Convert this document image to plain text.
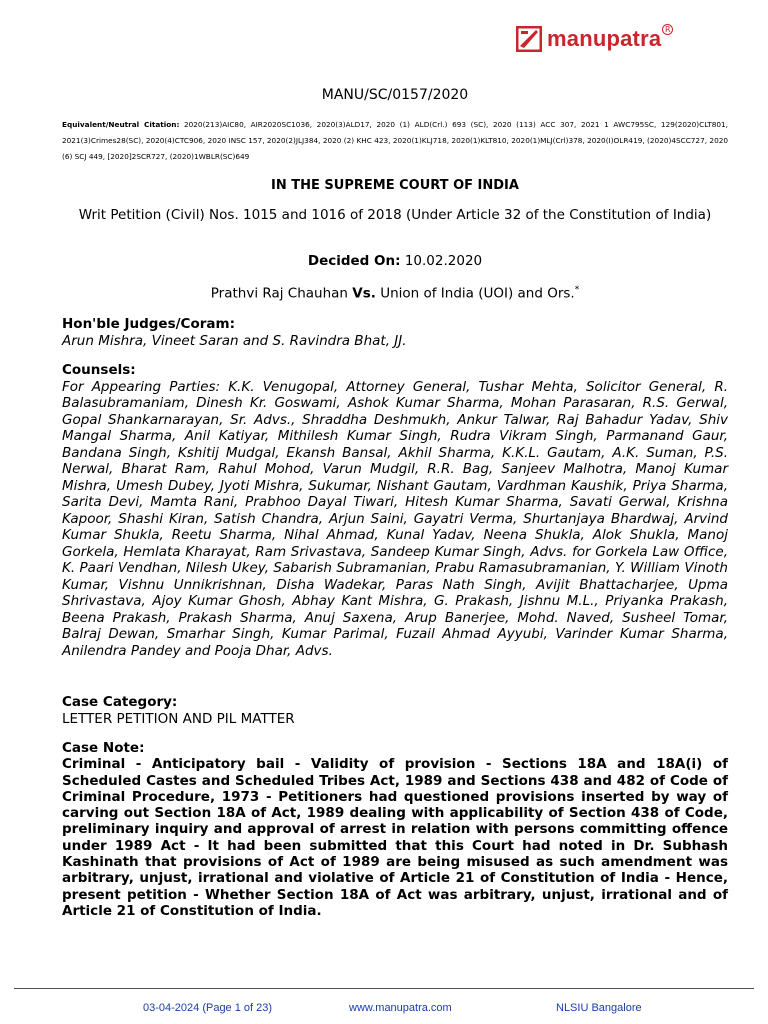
manupatra R
MANU/SC/0157/2020
Equivalent/Neutral Citation: 2020(213)AIC80, AIR2020SC1036, 2020(3)ALD17, 2020 (1) ALD(Crl.) 693 (SC), 2020 (113) ACC 307, 2021 1 AWC795SC, 129(2020)CLT801, 2021(3)Crimes28(SC), 2020(4)CTC906, 2020 INSC 157, 2020(2)JLJ384, 2020 (2) KHC 423, 2020(1)KLJ718, 2020(1)KLT810, 2020(1)MLJ(Crl)378, 2020(I)OLR419, (2020)4SCC727, 2020 (6) SCJ 449, [2020]2SCR727, (2020)1WBLR(SC)649
IN THE SUPREME COURT OF INDIA
Writ Petition (Civil) Nos. 1015 and 1016 of 2018 (Under Article 32 of the Constitution of India)
Decided On: 10.02.2020
Prathvi Raj Chauhan Vs. Union of India (UOI) and Ors.*
Hon'ble Judges/Coram:
Arun Mishra, Vineet Saran and S. Ravindra Bhat, JJ.
Counsels:
For Appearing Parties: K.K. Venugopal, Attorney General, Tushar Mehta, Solicitor General, R. Balasubramaniam, Dinesh Kr. Goswami, Ashok Kumar Sharma, Mohan Parasaran, R.S. Gerwal, Gopal Shankarnarayan, Sr. Advs., Shraddha Deshmukh, Ankur Talwar, Raj Bahadur Yadav, Shiv Mangal Sharma, Anil Katiyar, Mithilesh Kumar Singh, Rudra Vikram Singh, Parmanand Gaur, Bandana Singh, Kshitij Mudgal, Ekansh Bansal, Akhil Sharma, K.K.L. Gautam, A.K. Suman, P.S. Nerwal, Bharat Ram, Rahul Mohod, Varun Mudgil, R.R. Bag, Sanjeev Malhotra, Manoj Kumar Mishra, Umesh Dubey, Jyoti Mishra, Sukumar, Nishant Gautam, Vardhman Kaushik, Priya Sharma, Sarita Devi, Mamta Rani, Prabhoo Dayal Tiwari, Hitesh Kumar Sharma, Savati Gerwal, Krishna Kapoor, Shashi Kiran, Satish Chandra, Arjun Saini, Gayatri Verma, Shurtanjaya Bhardwaj, Arvind Kumar Shukla, Reetu Sharma, Nihal Ahmad, Kunal Yadav, Neena Shukla, Alok Shukla, Manoj Gorkela, Hemlata Kharayat, Ram Srivastava, Sandeep Kumar Singh, Advs. for Gorkela Law Office, K. Paari Vendhan, Nilesh Ukey, Sabarish Subramanian, Prabu Ramasubramanian, Y. William Vinoth Kumar, Vishnu Unnikrishnan, Disha Wadekar, Paras Nath Singh, Avijit Bhattacharjee, Upma Shrivastava, Ajoy Kumar Ghosh, Abhay Kant Mishra, G. Prakash, Jishnu M.L., Priyanka Prakash, Beena Prakash, Prakash Sharma, Anuj Saxena, Arup Banerjee, Mohd. Naved, Susheel Tomar, Balraj Dewan, Smarhar Singh, Kumar Parimal, Fuzail Ahmad Ayyubi, Varinder Kumar Sharma, Anilendra Pandey and Pooja Dhar, Advs.
Case Category:
LETTER PETITION AND PIL MATTER
Case Note:
Criminal - Anticipatory bail - Validity of provision - Sections 18A and 18A(i) of Scheduled Castes and Scheduled Tribes Act, 1989 and Sections 438 and 482 of Code of Criminal Procedure, 1973 - Petitioners had questioned provisions inserted by way of carving out Section 18A of Act, 1989 dealing with applicability of Section 438 of Code, preliminary inquiry and approval of arrest in relation with persons committing offence under 1989 Act - It had been submitted that this Court had noted in Dr. Subhash Kashinath that provisions of Act of 1989 are being misused as such amendment was arbitrary, unjust, irrational and violative of Article 21 of Constitution of India - Hence, present petition - Whether Section 18A of Act was arbitrary, unjust, irrational and of Article 21 of Constitution of India.
03-04-2024 (Page 1 of 23)	www.manupatra.com	NLSIU Bangalore
